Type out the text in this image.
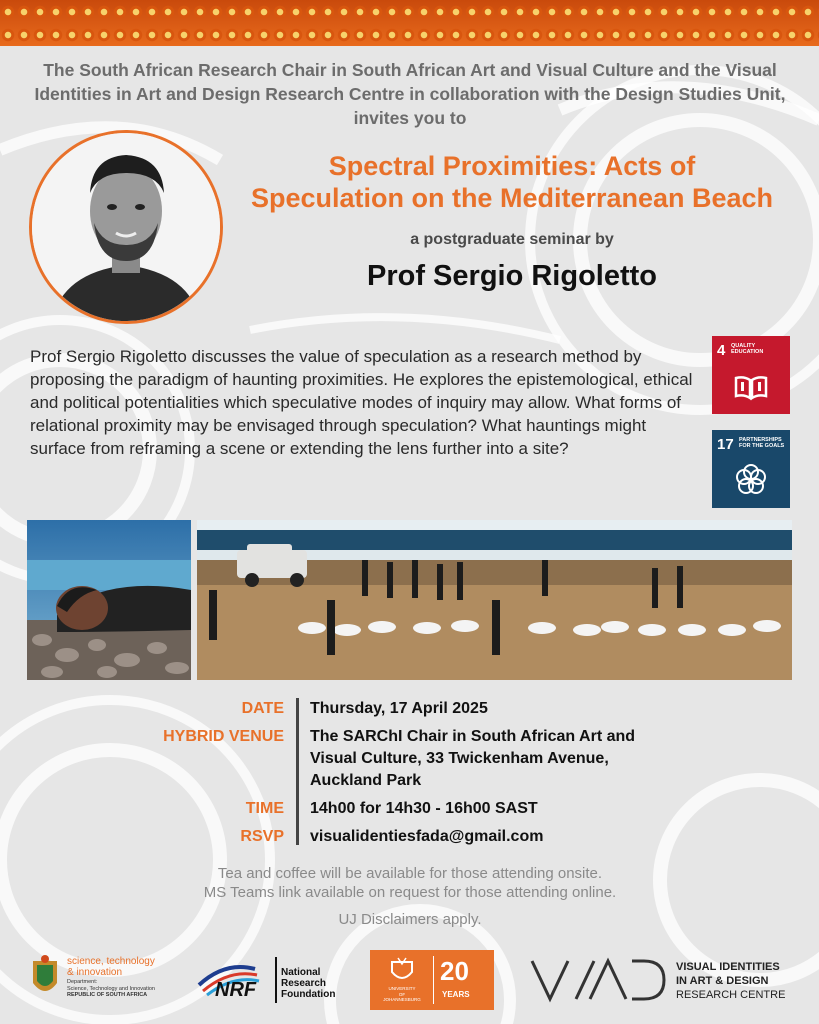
The South African Research Chair in South African Art and Visual Culture and the Visual Identities in Art and Design Research Centre in collaboration with the Design Studies Unit, invites you to
Spectral Proximities: Acts of
Speculation on the Mediterranean Beach
a postgraduate seminar by
Prof Sergio Rigoletto
Prof Sergio Rigoletto discusses the value of speculation as a research method by proposing the paradigm of haunting proximities. He explores the epistemological, ethical and political potentialities which speculative modes of inquiry may allow. What forms of relational proximity may be envisaged through speculation? What hauntings might surface from reframing a scene or extending the lens further into a site?
4 QUALITY
EDUCATION
17 PARTNERSHIPS
FOR THE GOALS
DATE Thursday, 17 April 2025
HYBRID VENUE The SARChI Chair in South African Art and
Visual Culture, 33 Twickenham Avenue,
Auckland Park
TIME 14h00 for 14h30 - 16h00 SAST
RSVP visualidentiesfada@gmail.com
Tea and coffee will be available for those attending onsite.
MS Teams link available on request for those attending online.
UJ Disclaimers apply.
science, technology
& innovation
Department:
Science, Technology and Innovation
REPUBLIC OF SOUTH AFRICA	NRF
National
Research
Foundation
UNIVERSITY
OF
JOHANNESBURG
20
YEARS
VISUAL IDENTITIES
IN ART & DESIGN
RESEARCH CENTRE
